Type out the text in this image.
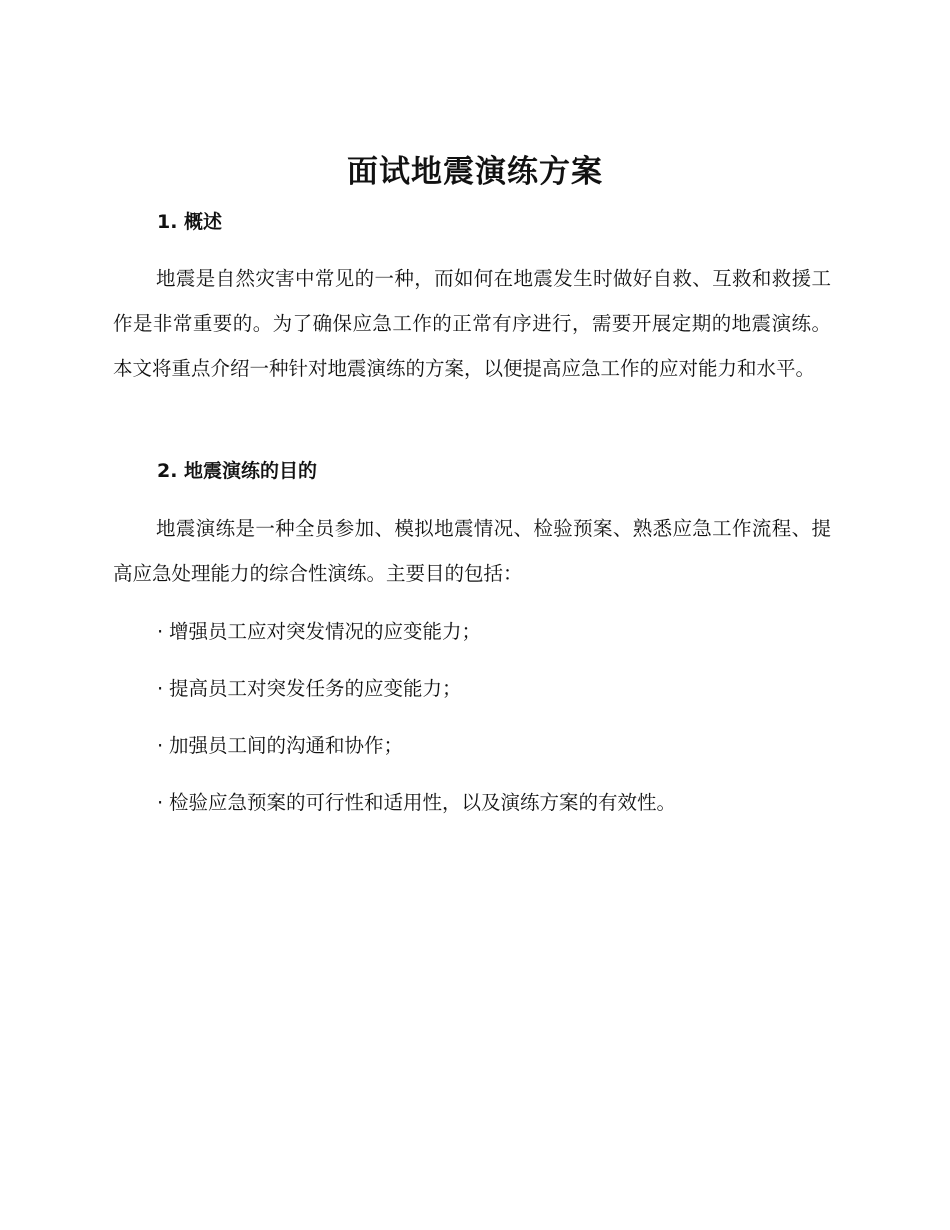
面试地震演练方案
1. 概述

地震是自然灾害中常见的一种，而如何在地震发生时做好自救、互救和救援工作是非常重要的。为了确保应急工作的正常有序进行，需要开展定期的地震演练。本文将重点介绍一种针对地震演练的方案，以便提高应急工作的应对能力和水平。

2. 地震演练的目的

地震演练是一种全员参加、模拟地震情况、检验预案、熟悉应急工作流程、提高应急处理能力的综合性演练。主要目的包括：

· 增强员工应对突发情况的应变能力；
· 提高员工对突发任务的应变能力；
· 加强员工间的沟通和协作；
· 检验应急预案的可行性和适用性，以及演练方案的有效性。
